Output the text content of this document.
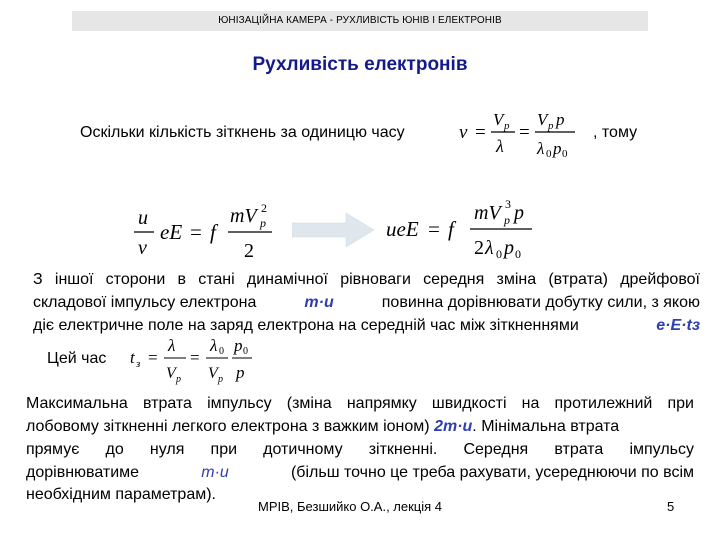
ЮНІЗАЦІЙНА КАМЕРА - РУХЛИВІСТЬ ЮНІВ І ЕЛЕКТРОНІВ
Рухливість електронів
Оскільки кількість зіткнень за одиницю часу	ν =
V p
λ
=
V p p
λ 0 p 0
, тому
u
ν
eE = f
mV p
2
2
ueE = f
mV p
3 p
2 λ 0 p 0
З іншої сторони в стані динамічної рівноваги середня зміна (втрата) дрейфової
складової імпульсу електрона	m·u	повинна дорівнювати добутку сили, з якою
діє електричне поле на заряд електрона на середній час між зіткненнями	e·E·tз
Цей час t з =
λ
V p
=
λ 0
V p
p 0
p
Максимальна втрата імпульсу (зміна напрямку швидкості на протилежний при
лобовому зіткненні легкого електрона з важким іоном) 2m·u. Мінімальна втрата
прямує до нуля при дотичному зіткненні. Середня втрата імпульсу
дорівнюватиме	m·u	(більш точно це треба рахувати, усереднюючи по всім
необхідним параметрам).
МРІВ, Безшийко О.А., лекція 4	5
